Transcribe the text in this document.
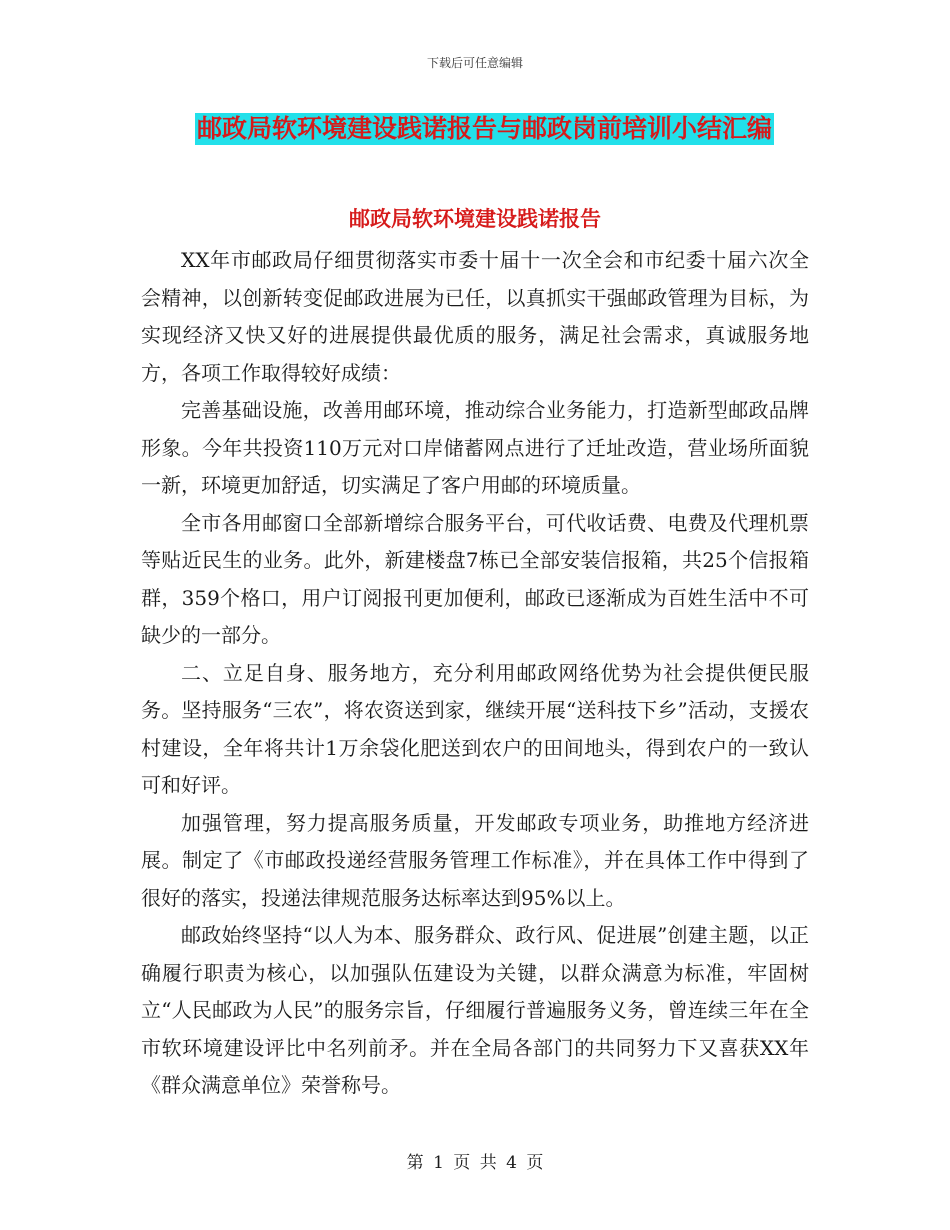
下载后可任意编辑
邮政局软环境建设践诺报告与邮政岗前培训小结汇编
邮政局软环境建设践诺报告

XX年市邮政局仔细贯彻落实市委十届十一次全会和市纪委十届六次全会精神，以创新转变促邮政进展为已任，以真抓实干强邮政管理为目标，为实现经济又快又好的进展提供最优质的服务，满足社会需求，真诚服务地方，各项工作取得较好成绩：

完善基础设施，改善用邮环境，推动综合业务能力，打造新型邮政品牌形象。今年共投资110万元对口岸储蓄网点进行了迁址改造，营业场所面貌一新，环境更加舒适，切实满足了客户用邮的环境质量。

全市各用邮窗口全部新增综合服务平台，可代收话费、电费及代理机票等贴近民生的业务。此外，新建楼盘7栋已全部安装信报箱，共25个信报箱群，359个格口，用户订阅报刊更加便利，邮政已逐渐成为百姓生活中不可缺少的一部分。

二、立足自身、服务地方，充分利用邮政网络优势为社会提供便民服务。坚持服务“三农”，将农资送到家，继续开展“送科技下乡”活动，支援农村建设，全年将共计1万余袋化肥送到农户的田间地头，得到农户的一致认可和好评。

加强管理，努力提高服务质量，开发邮政专项业务，助推地方经济进展。制定了《市邮政投递经营服务管理工作标准》，并在具体工作中得到了很好的落实，投递法律规范服务达标率达到95%以上。

邮政始终坚持“以人为本、服务群众、政行风、促进展”创建主题，以正确履行职责为核心，以加强队伍建设为关键，以群众满意为标准，牢固树立“人民邮政为人民”的服务宗旨，仔细履行普遍服务义务，曾连续三年在全市软环境建设评比中名列前矛。并在全局各部门的共同努力下又喜获XX年《群众满意单位》荣誉称号。

第 1 页 共 4 页
